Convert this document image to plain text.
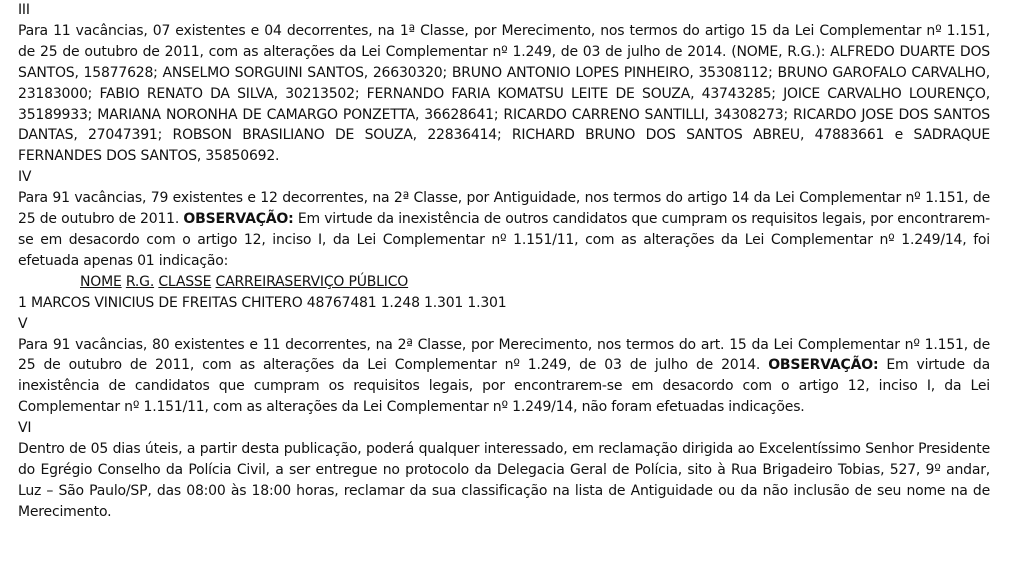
III

Para 11 vacâncias, 07 existentes e 04 decorrentes, na 1ª Classe, por Merecimento, nos termos do artigo 15 da Lei Complementar nº 1.151, de 25 de outubro de 2011, com as alterações da Lei Complementar nº 1.249, de 03 de julho de 2014. (NOME, R.G.): ALFREDO DUARTE DOS SANTOS, 15877628; ANSELMO SORGUINI SANTOS, 26630320; BRUNO ANTONIO LOPES PINHEIRO, 35308112; BRUNO GAROFALO CARVALHO, 23183000; FABIO RENATO DA SILVA, 30213502; FERNANDO FARIA KOMATSU LEITE DE SOUZA, 43743285; JOICE CARVALHO LOURENÇO, 35189933; MARIANA NORONHA DE CAMARGO PONZETTA, 36628641; RICARDO CARRENO SANTILLI, 34308273; RICARDO JOSE DOS SANTOS DANTAS, 27047391; ROBSON BRASILIANO DE SOUZA, 22836414; RICHARD BRUNO DOS SANTOS ABREU, 47883661 e SADRAQUE FERNANDES DOS SANTOS, 35850692.

IV

Para 91 vacâncias, 79 existentes e 12 decorrentes, na 2ª Classe, por Antiguidade, nos termos do artigo 14 da Lei Complementar nº 1.151, de 25 de outubro de 2011. OBSERVAÇÃO: Em virtude da inexistência de outros candidatos que cumpram os requisitos legais, por encontrarem-se em desacordo com o artigo 12, inciso I, da Lei Complementar nº 1.151/11, com as alterações da Lei Complementar nº 1.249/14, foi efetuada apenas 01 indicação:

NOME R.G. CLASSE CARREIRASERVIÇO PÚBLICO

1 MARCOS VINICIUS DE FREITAS CHITERO 48767481 1.248 1.301 1.301

V

Para 91 vacâncias, 80 existentes e 11 decorrentes, na 2ª Classe, por Merecimento, nos termos do art. 15 da Lei Complementar nº 1.151, de 25 de outubro de 2011, com as alterações da Lei Complementar nº 1.249, de 03 de julho de 2014. OBSERVAÇÃO: Em virtude da inexistência de candidatos que cumpram os requisitos legais, por encontrarem-se em desacordo com o artigo 12, inciso I, da Lei Complementar nº 1.151/11, com as alterações da Lei Complementar nº 1.249/14, não foram efetuadas indicações.

VI

Dentro de 05 dias úteis, a partir desta publicação, poderá qualquer interessado, em reclamação dirigida ao Excelentíssimo Senhor Presidente do Egrégio Conselho da Polícia Civil, a ser entregue no protocolo da Delegacia Geral de Polícia, sito à Rua Brigadeiro Tobias, 527, 9º andar, Luz – São Paulo/SP, das 08:00 às 18:00 horas, reclamar da sua classificação na lista de Antiguidade ou da não inclusão de seu nome na de Merecimento.
